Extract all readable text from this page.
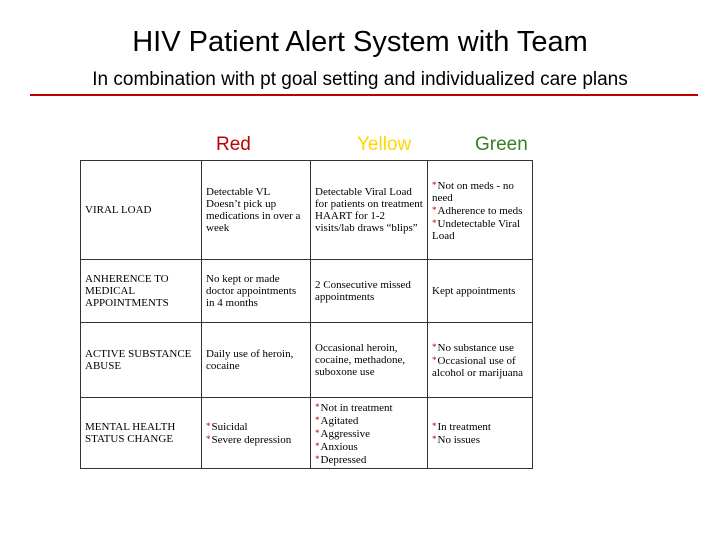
HIV Patient Alert System with Team
In combination with pt goal setting and individualized care plans
Red	Yellow	Green
VIRAL LOAD	Detectable VL Doesn’t pick up medications in over a week	Detectable Viral Load for patients on treatment HAART for 1-2 visits/lab draws “blips”	*Not on meds - no need
*Adherence to meds
*Undetectable Viral Load

ANHERENCE TO MEDICAL APPOINTMENTS	No kept or made doctor appointments in 4 months	2 Consecutive missed appointments	Kept appointments
ACTIVE SUBSTANCE ABUSE	Daily use of heroin, cocaine	Occasional heroin, cocaine, methadone, suboxone use	*No substance use
*Occasional use of alcohol or marijuana

MENTAL HEALTH STATUS CHANGE	*Suicidal
*Severe depression	*Not in treatment
*Agitated
*Aggressive
*Anxious
*Depressed	*In treatment
*No issues
